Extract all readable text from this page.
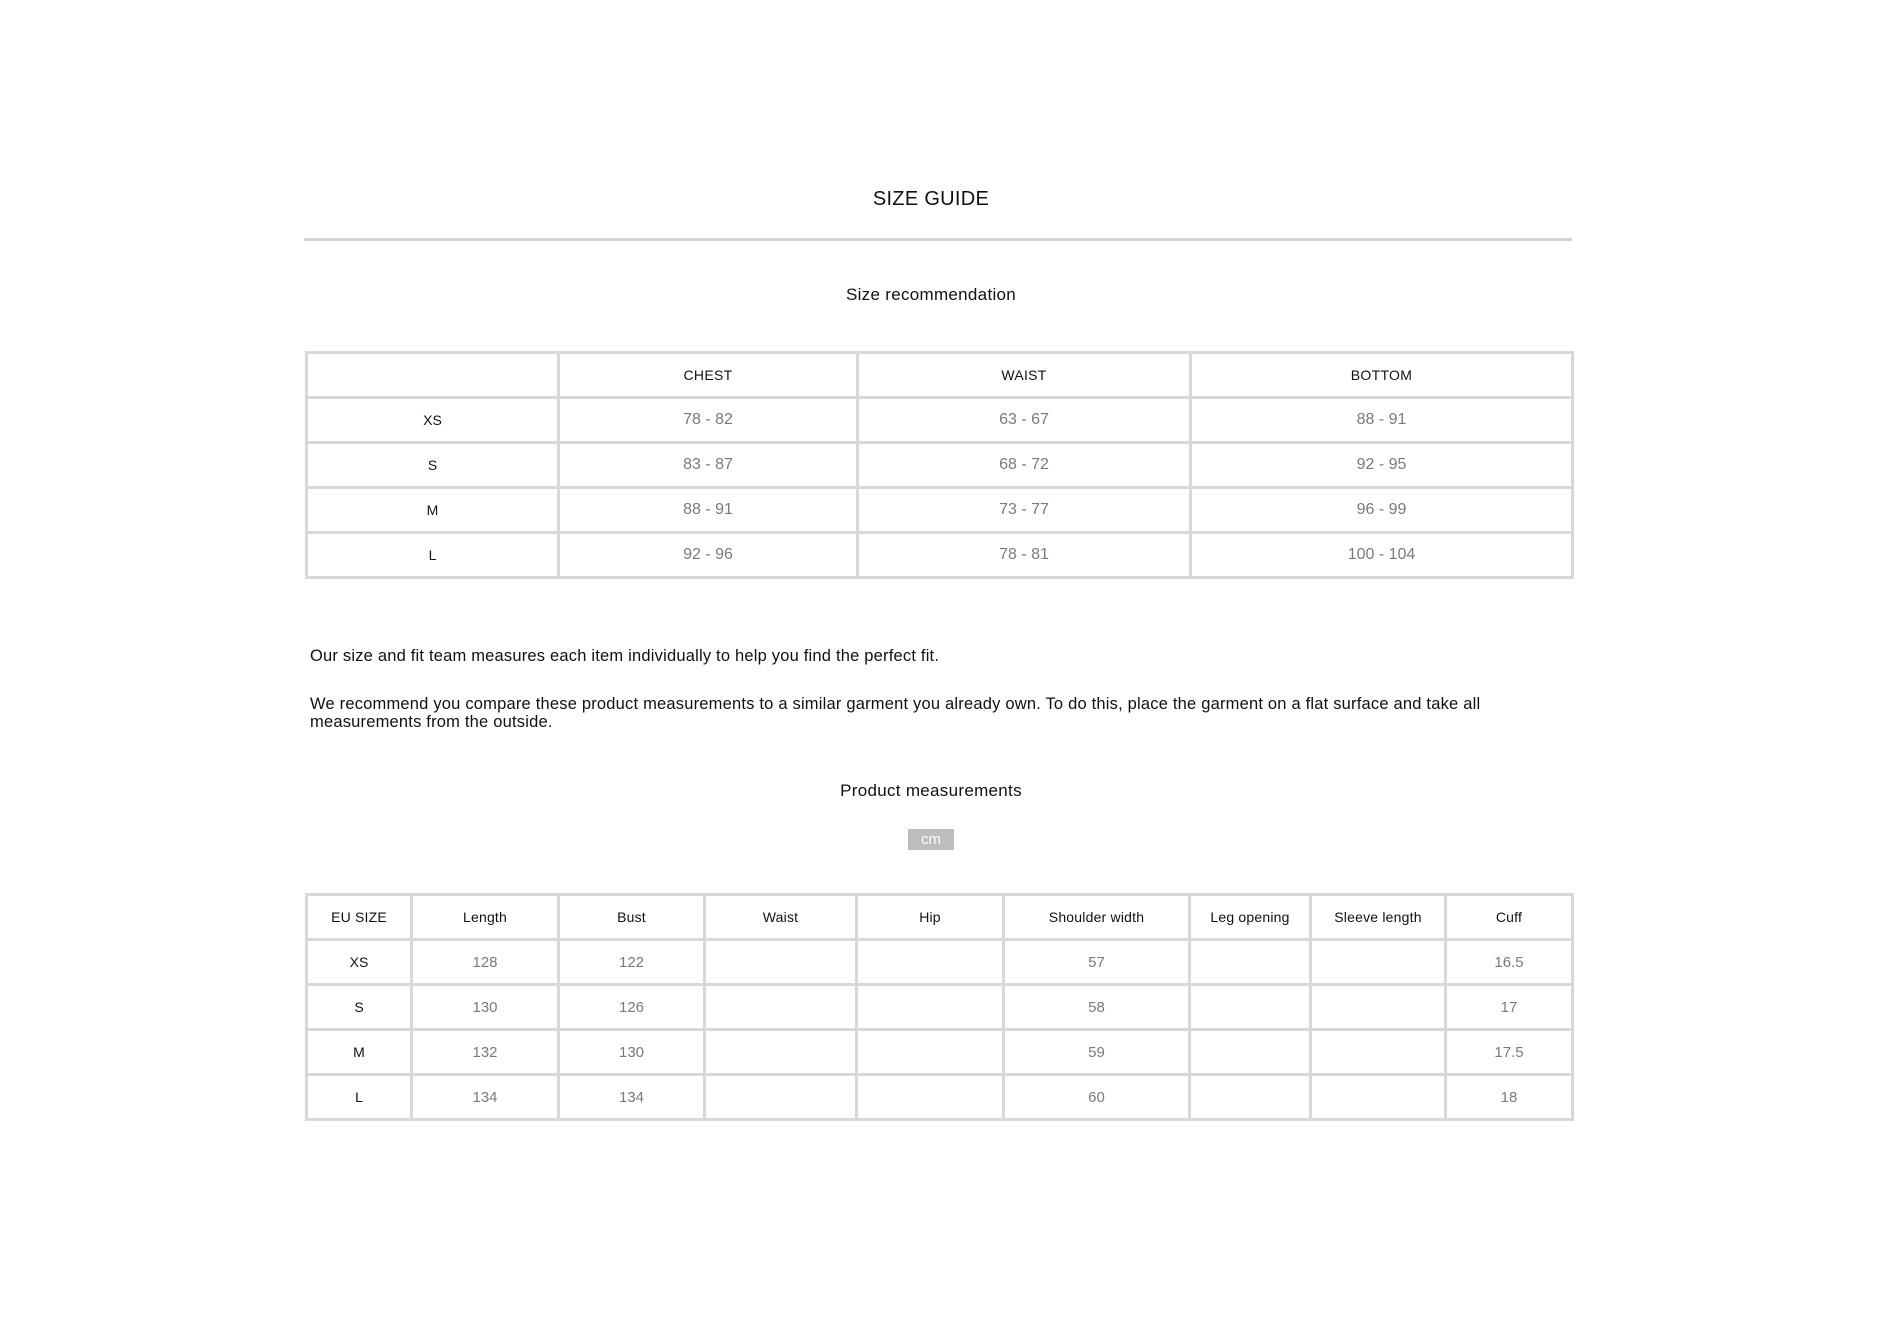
SIZE GUIDE
Size recommendation
	CHEST	WAIST	BOTTOM
XS	78 - 82	63 - 67	88 - 91
S	83 - 87	68 - 72	92 - 95
M	88 - 91	73 - 77	96 - 99
L	92 - 96	78 - 81	100 - 104
Our size and fit team measures each item individually to help you find the perfect fit.
We recommend you compare these product measurements to a similar garment you already own. To do this, place the garment on a flat surface and take all measurements from the outside.
Product measurements
cm
EU SIZE	Length	Bust	Waist	Hip	Shoulder width	Leg opening	Sleeve length	Cuff
XS	128	122			57			16.5
S	130	126			58			17
M	132	130			59			17.5
L	134	134			60			18
